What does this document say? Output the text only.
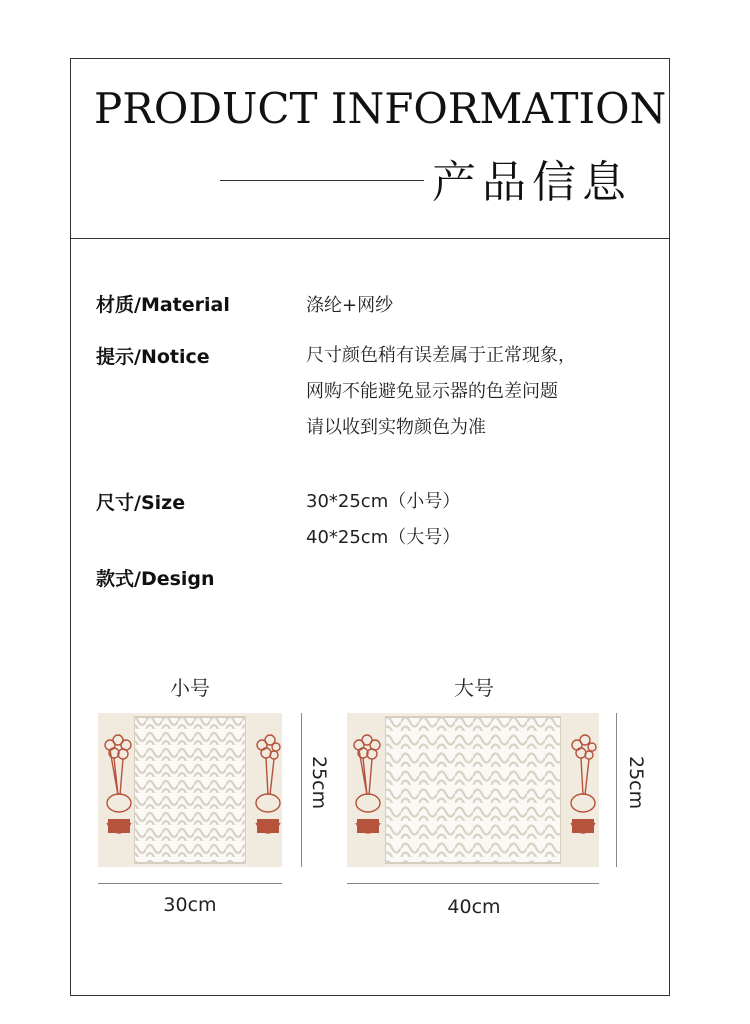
PRODUCT INFORMATION
产品信息
材质/Material	涤纶+网纱
提示/Notice	尺寸颜色稍有误差属于正常现象，
网购不能避免显示器的色差问题
请以收到实物颜色为准
尺寸/Size	30*25cm（小号）
40*25cm（大号）
款式/Design
小号
30cm
25cm
大号
40cm
25cm
